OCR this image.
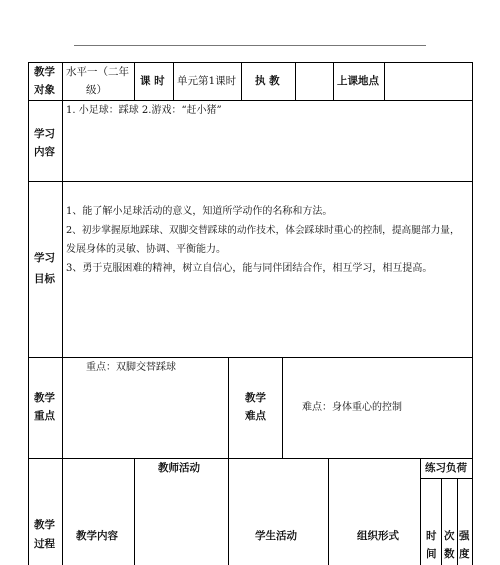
教学
对象
水平一（二年
级）
课 时 单元第1课时 执 教	上课地点
学习
内容
1. 小足球：踩球 2.游戏：“赶小猪”
学习
目标
1、能了解小足球活动的意义，知道所学动作的名称和方法。
2、初步掌握原地踩球、双脚交替踩球的动作技术，体会踩球时重心的控制，提高腿部力量，
发展身体的灵敏、协调、平衡能力。
3、勇于克服困难的精神，树立自信心，能与同伴团结合作，相互学习，相互提高。
教学
重点
重点：双脚交替踩球
教学
难点
难点：身体重心的控制
教学
过程
教学内容
教师活动
学生活动	组织形式
练习负荷
时
间
次
数
强
度
